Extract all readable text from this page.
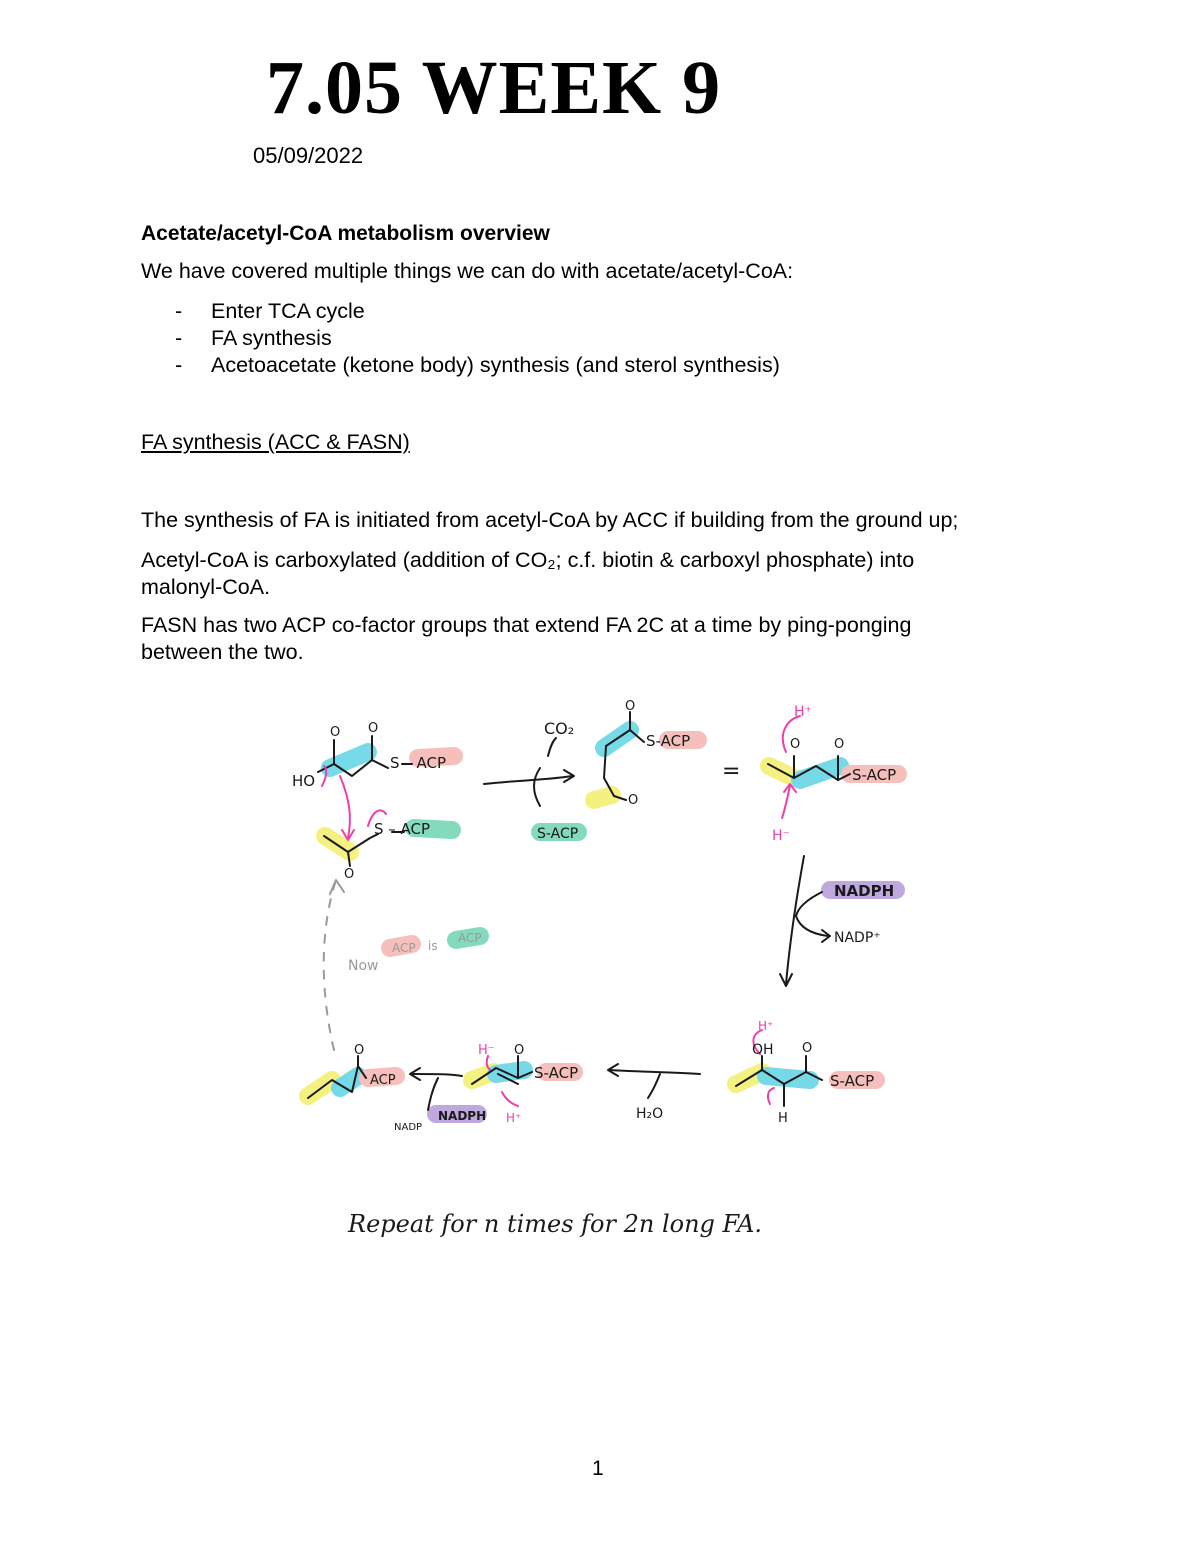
7.05 WEEK 9
05/09/2022
Acetate/acetyl-CoA metabolism overview

We have covered multiple things we can do with acetate/acetyl-CoA:

- Enter TCA cycle
- FA synthesis
- Acetoacetate (ketone body) synthesis (and sterol synthesis)
FA synthesis (ACC & FASN)

The synthesis of FA is initiated from acetyl-CoA by ACC if building from the ground up;

Acetyl-CoA is carboxylated (addition of CO₂; c.f. biotin & carboxyl phosphate) into

malonyl-CoA.

FASN has two ACP co-factor groups that extend FA 2C at a time by ping-ponging

between the two.

O O
HO
S – ACP
S – ACP
O
CO₂
S-ACP
O
S-ACP
O
=
O	O
H⁺
S-ACP
H⁻
NADPH
NADP⁺
OH
H⁺
O
H
S-ACP
H₂O
O
H⁻
S-ACP
H⁺
NADP
NADPH
O
ACP
Now
ACP is
ACP
Repeat for n times for 2n long FA.
1
